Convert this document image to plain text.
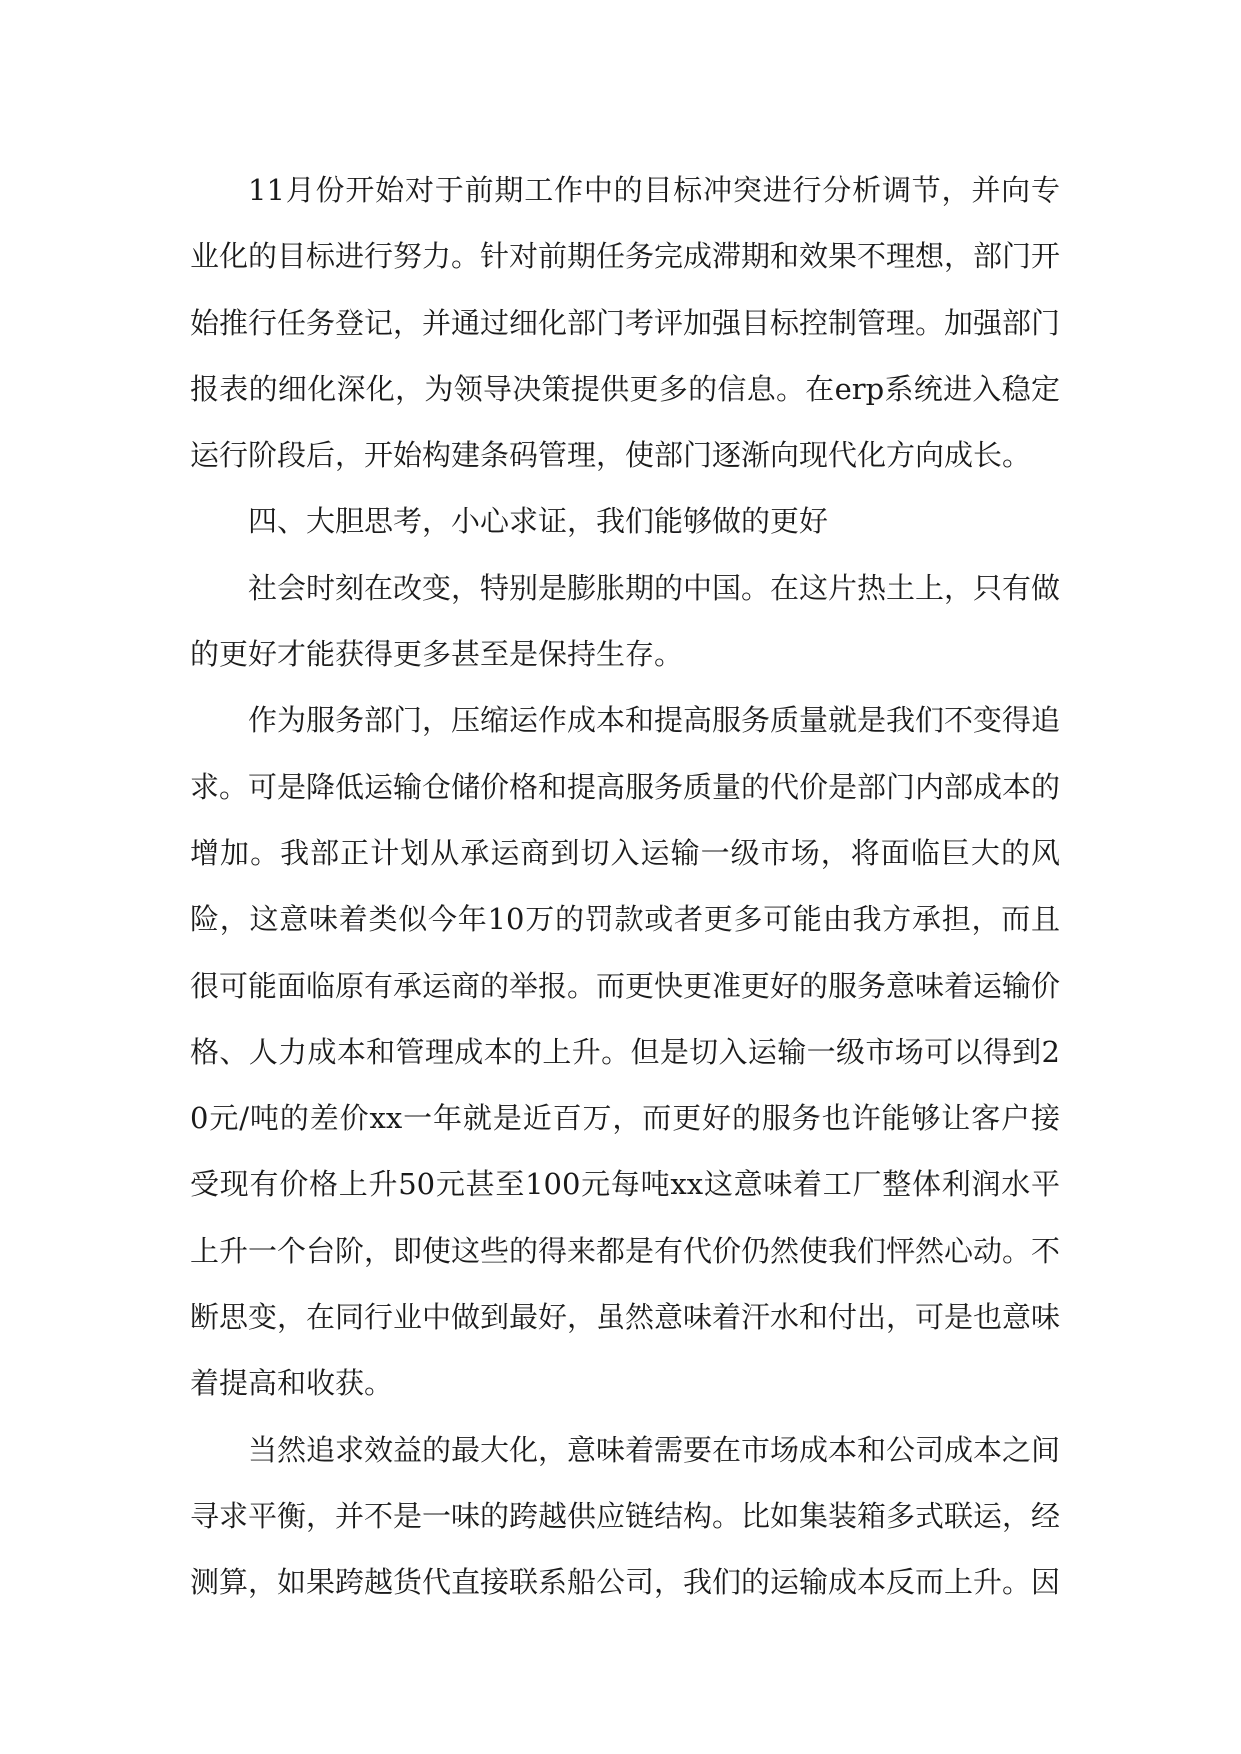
11月份开始对于前期工作中的目标冲突进行分析调节，并向专业化的目标进行努力。针对前期任务完成滞期和效果不理想，部门开始推行任务登记，并通过细化部门考评加强目标控制管理。加强部门报表的细化深化，为领导决策提供更多的信息。在erp系统进入稳定运行阶段后，开始构建条码管理，使部门逐渐向现代化方向成长。

四、大胆思考，小心求证，我们能够做的更好

社会时刻在改变，特别是膨胀期的中国。在这片热土上，只有做的更好才能获得更多甚至是保持生存。

作为服务部门，压缩运作成本和提高服务质量就是我们不变得追求。可是降低运输仓储价格和提高服务质量的代价是部门内部成本的增加。我部正计划从承运商到切入运输一级市场，将面临巨大的风险，这意味着类似今年10万的罚款或者更多可能由我方承担，而且很可能面临原有承运商的举报。而更快更准更好的服务意味着运输价格、人力成本和管理成本的上升。但是切入运输一级市场可以得到20元/吨的差价xx一年就是近百万，而更好的服务也许能够让客户接受现有价格上升50元甚至100元每吨xx这意味着工厂整体利润水平上升一个台阶，即使这些的得来都是有代价仍然使我们怦然心动。不断思变，在同行业中做到最好，虽然意味着汗水和付出，可是也意味着提高和收获。

当然追求效益的最大化，意味着需要在市场成本和公司成本之间寻求平衡，并不是一味的跨越供应链结构。比如集装箱多式联运，经测算，如果跨越货代直接联系船公司，我们的运输成本反而上升。因
